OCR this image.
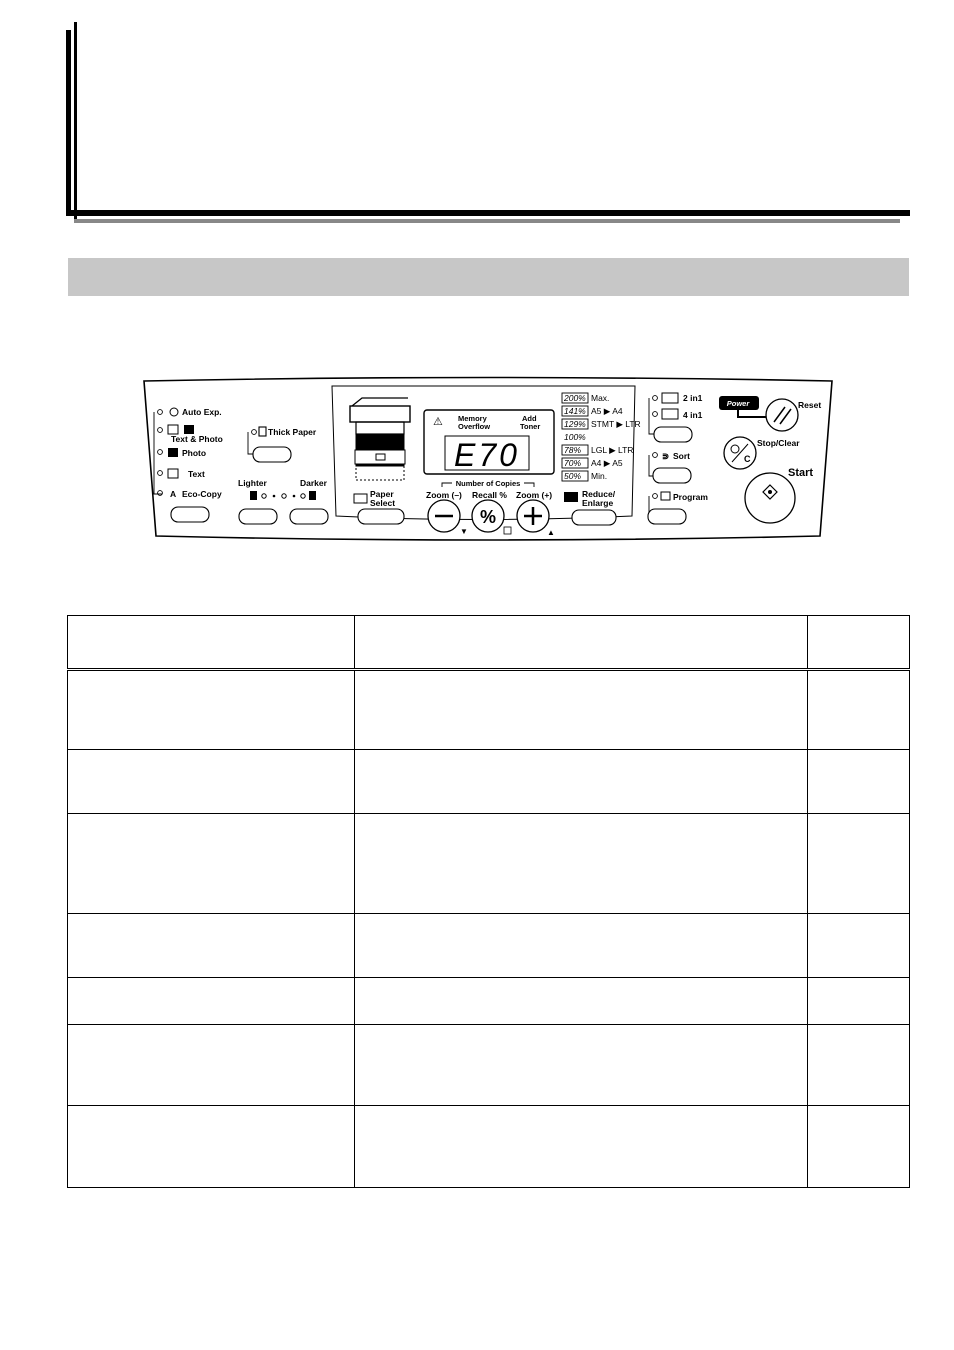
Auto Exp.
Text & Photo
Photo
Text
A Eco-Copy
Thick Paper
Lighter	Darker
Paper
Select
⚠ Memory
Overflow
Add
Toner
E70
200% Max.
141% A5 ▶ A4
129% STMT ▶ LTR
100%
78% LGL ▶ LTR
70% A4 ▶ A5
50% Min.
Number of Copies
Zoom (–) Recall % Zoom (+)
▼
%
▲
Reduce/
Enlarge
2 in1
4 in1
⋑ Sort
Program
Power	Reset
Stop/Clear
C
Start
